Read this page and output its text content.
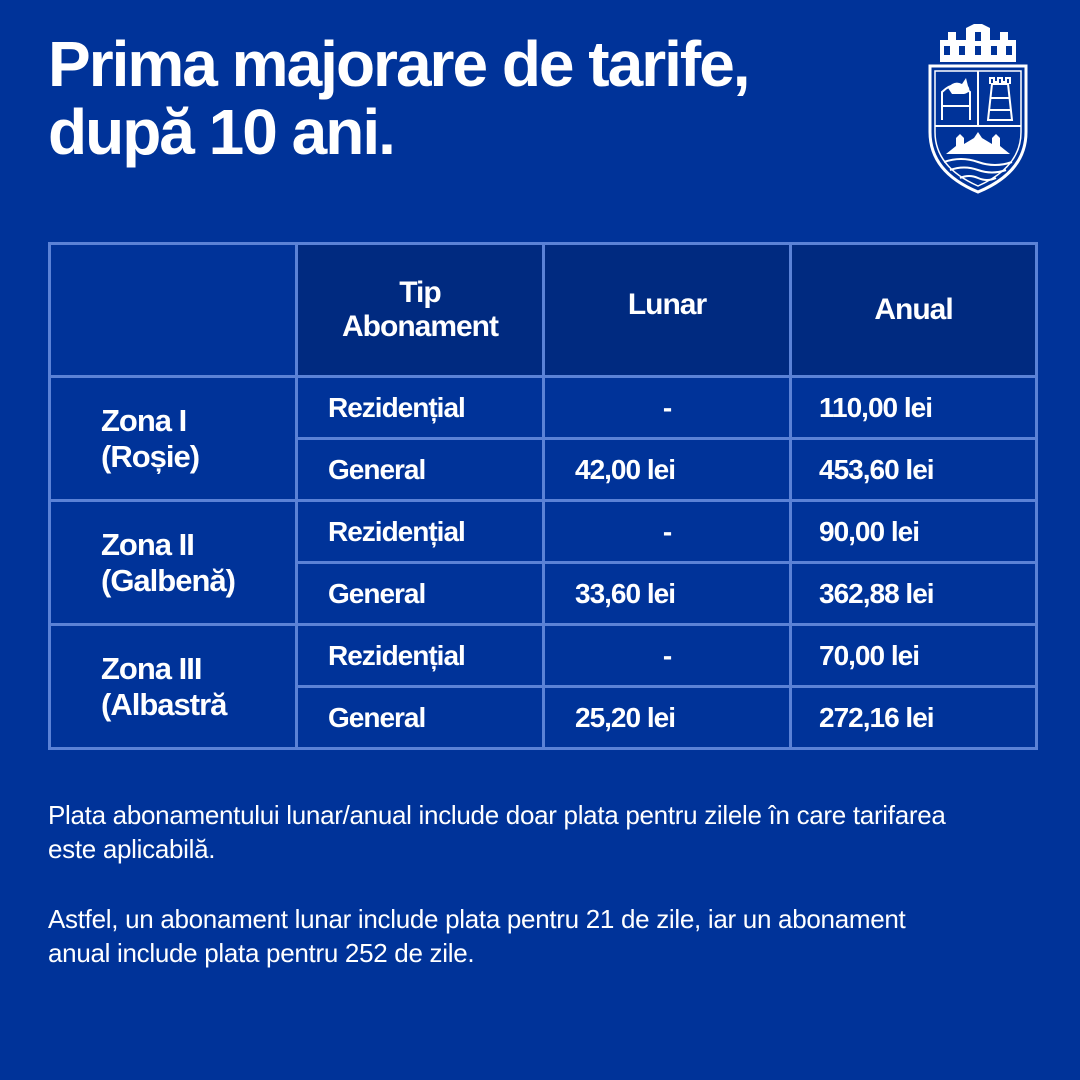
Prima majorare de tarife,
după 10 ani.

	Tip Abonament	Lunar	Anual

Zona I
(Roșie)	Rezidențial	-	110,00 lei
	General	42,00 lei	453,60 lei

Zona II
(Galbenă)	Rezidențial	-	90,00 lei
	General	33,60 lei	362,88 lei

Zona III
(Albastră	Rezidențial	-	70,00 lei
	General	25,20 lei	272,16 lei

Plata abonamentului lunar/anual include doar plata pentru zilele în care tarifarea este aplicabilă.

Astfel, un abonament lunar include plata pentru 21 de zile, iar un abonament anual include plata pentru 252 de zile.
